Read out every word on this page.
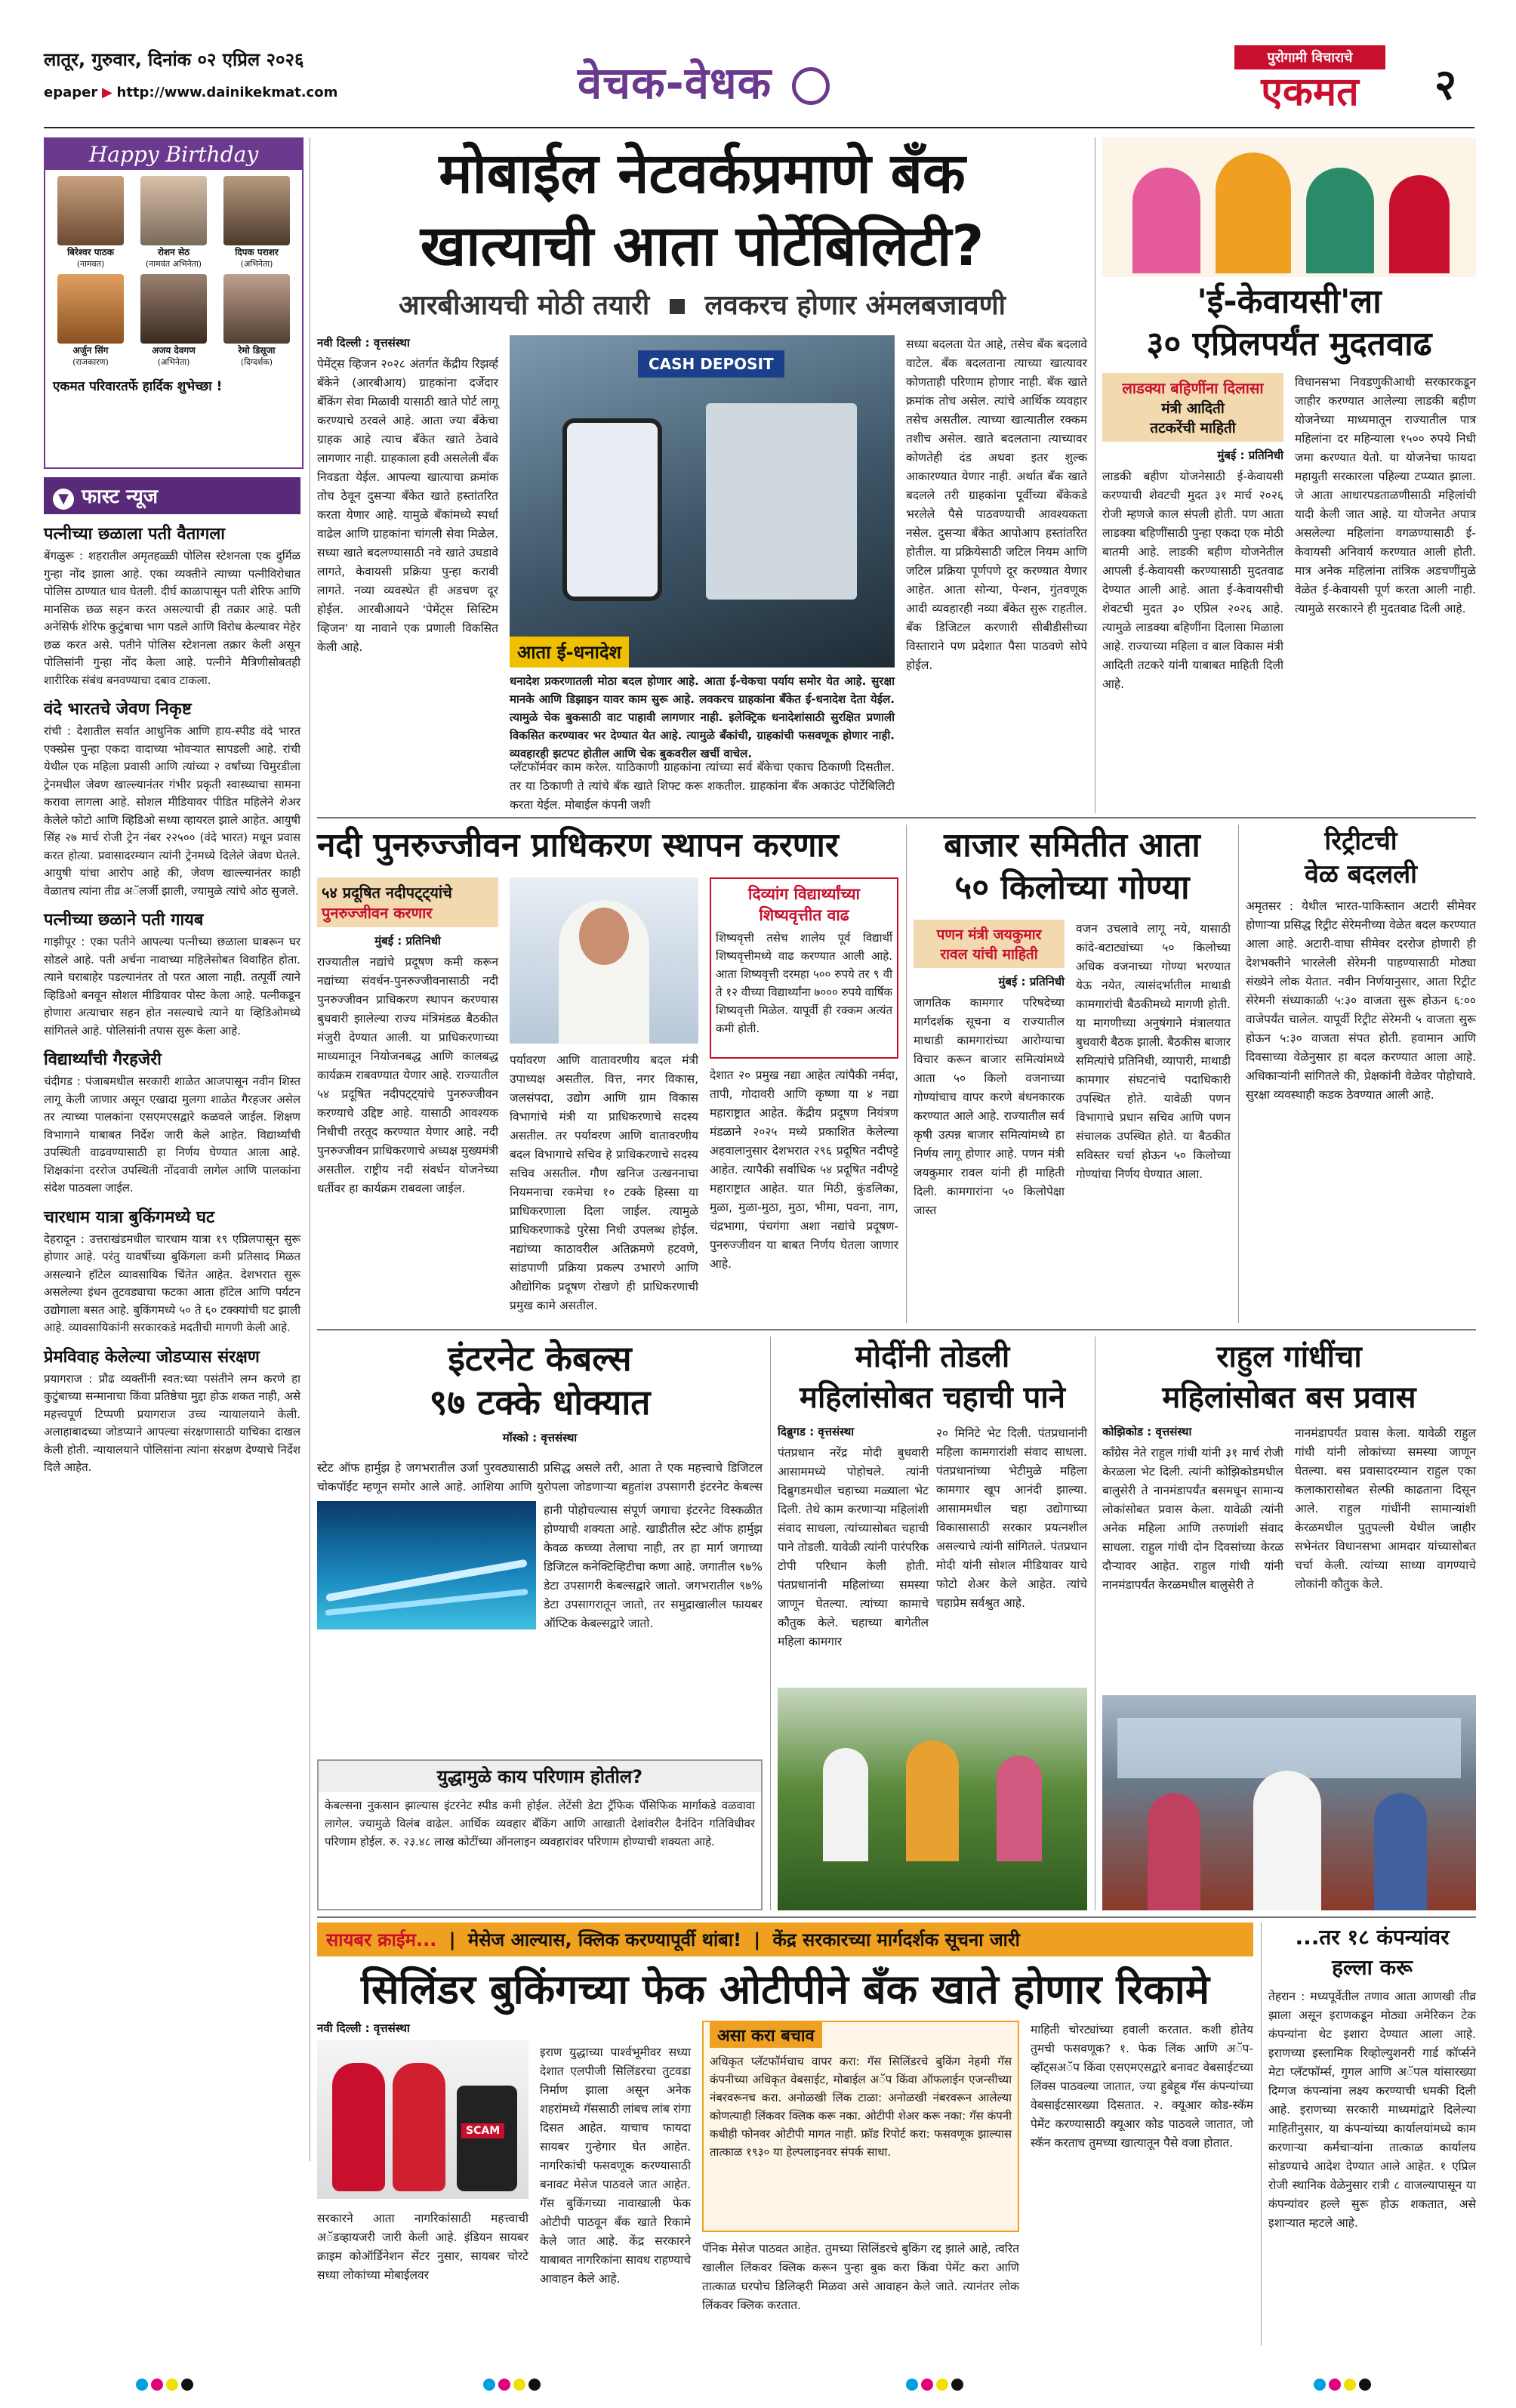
लातूर, गुरुवार, दिनांक ०२ एप्रिल २०२६
epaper ▶ http://www.dainikekmat.com	वेचक-वेधक	पुरोगामी विचाराचे
एकमत	२
Happy Birthday
बिरेश्वर पाठक
(नामवत)
रोशन सेठ
(नामवंत अभिनेता)
दिपक पराशर
(अभिनेता)
अर्जुन सिंग
(राजकारण)
अजय देवगण
(अभिनेता)
रेमो डिसूजा
(दिग्दर्शक)
एकमत परिवारतर्फे हार्दिक शुभेच्छा !
▼ फास्ट न्यूज

पत्नीच्या छळाला पती वैतागला

बेंगळुरू : शहरातील अमृतहळ्ळी पोलिस स्टेशनला एक दुर्मिळ गुन्हा नोंद झाला आहे. एका व्यक्तीने त्याच्या पत्नीविरोधात पोलिस ठाण्यात धाव घेतली. दीर्घ काळापासून पती शेरिफ आणि मानसिक छळ सहन करत असल्याची ही तक्रार आहे. पती अनेसिर्फ शेरिफ कुटुंबाचा भाग पडले आणि विरोध केल्यावर मेहेर छळ करत असे. पतीने पोलिस स्टेशनला तक्रार केली असून पोलिसांनी गुन्हा नोंद केला आहे. पत्नीने मैत्रिणीसोबतही शारीरिक संबंध बनवण्याचा दबाव टाकला.

वंदे भारतचे जेवण निकृष्ट

रांची : देशातील सर्वात आधुनिक आणि हाय-स्पीड वंदे भारत एक्स्प्रेस पुन्हा एकदा वादाच्या भोवऱ्यात सापडली आहे. रांची येथील एक महिला प्रवासी आणि त्यांच्या २ वर्षांच्या चिमुरडीला ट्रेनमधील जेवण खाल्ल्यानंतर गंभीर प्रकृती स्वास्थ्याचा सामना करावा लागला आहे. सोशल मीडियावर पीडित महिलेने शेअर केलेले फोटो आणि व्हिडिओ सध्या व्हायरल झाले आहेत. आयुषी सिंह २७ मार्च रोजी ट्रेन नंबर २२५०० (वंदे भारत) मधून प्रवास करत होत्या. प्रवासादरम्यान त्यांनी ट्रेनमध्ये दिलेले जेवण घेतले. आयुषी यांचा आरोप आहे की, जेवण खाल्ल्यानंतर काही वेळातच त्यांना तीव्र अॅलर्जी झाली, ज्यामुळे त्यांचे ओठ सुजले.

पत्नीच्या छळाने पती गायब

गाझीपूर : एका पतीने आपल्या पत्नीच्या छळाला घाबरून घर सोडले आहे. पती अर्चना नावाच्या महिलेसोबत विवाहित होता. त्याने घराबाहेर पडल्यानंतर तो परत आला नाही. तत्पूर्वी त्याने व्हिडिओ बनवून सोशल मीडियावर पोस्ट केला आहे. पत्नीकडून होणारा अत्याचार सहन होत नसल्याचे त्याने या व्हिडिओमध्ये सांगितले आहे. पोलिसांनी तपास सुरू केला आहे.

विद्यार्थ्यांची गैरहजेरी

चंदीगड : पंजाबमधील सरकारी शाळेत आजपासून नवीन शिस्त लागू केली जाणार असून एखादा मुलगा शाळेत गैरहजर असेल तर त्याच्या पालकांना एसएमएसद्वारे कळवले जाईल. शिक्षण विभागाने याबाबत निर्देश जारी केले आहेत. विद्यार्थ्यांची उपस्थिती वाढवण्यासाठी हा निर्णय घेण्यात आला आहे. शिक्षकांना दररोज उपस्थिती नोंदवावी लागेल आणि पालकांना संदेश पाठवला जाईल.

चारधाम यात्रा बुकिंगमध्ये घट

देहरादून : उत्तराखंडमधील चारधाम यात्रा १९ एप्रिलपासून सुरू होणार आहे. परंतु यावर्षीच्या बुकिंगला कमी प्रतिसाद मिळत असल्याने हॉटेल व्यावसायिक चिंतेत आहेत. देशभरात सुरू असलेल्या इंधन तुटवड्याचा फटका आता हॉटेल आणि पर्यटन उद्योगाला बसत आहे. बुकिंगमध्ये ५० ते ६० टक्क्यांची घट झाली आहे. व्यावसायिकांनी सरकारकडे मदतीची मागणी केली आहे.

प्रेमविवाह केलेल्या जोडप्यास संरक्षण

प्रयागराज : प्रौढ व्यक्तींनी स्वत:च्या पसंतीने लग्न करणे हा कुटुंबाच्या सन्मानाचा किंवा प्रतिष्ठेचा मुद्दा होऊ शकत नाही, असे महत्त्वपूर्ण टिप्पणी प्रयागराज उच्च न्यायालयाने केली. अलाहाबादच्या जोडप्याने आपल्या संरक्षणासाठी याचिका दाखल केली होती. न्यायालयाने पोलिसांना त्यांना संरक्षण देण्याचे निर्देश दिले आहेत.

मोबाईल नेटवर्कप्रमाणे बँक
खात्याची आता पोर्टेबिलिटी?
आरबीआयची मोठी तयारी लवकरच होणार अंमलबजावणी

नवी दिल्ली : वृत्तसंस्था

पेमेंट्स व्हिजन २०२८ अंतर्गत केंद्रीय रिझर्व्ह बँकेने (आरबीआय) ग्राहकांना दर्जेदार बँकिंग सेवा मिळावी यासाठी खाते पोर्ट लागू करण्याचे ठरवले आहे. आता ज्या बँकेचा ग्राहक आहे त्याच बँकेत खाते ठेवावे लागणार नाही. ग्राहकाला हवी असलेली बँक निवडता येईल. आपल्या खात्याचा क्रमांक तोच ठेवून दुसऱ्या बँकेत खाते हस्तांतरित करता येणार आहे. यामुळे बँकांमध्ये स्पर्धा वाढेल आणि ग्राहकांना चांगली सेवा मिळेल. सध्या खाते बदलण्यासाठी नवे खाते उघडावे लागते, केवायसी प्रक्रिया पुन्हा करावी लागते. नव्या व्यवस्थेत ही अडचण दूर होईल. आरबीआयने 'पेमेंट्स सिस्टिम व्हिजन' या नावाने एक प्रणाली विकसित केली आहे.

CASH DEPOSIT
आता ई-धनादेश

धनादेश प्रकरणातली मोठा बदल होणार आहे. आता ई-चेकचा पर्याय समोर येत आहे. सुरक्षा मानके आणि डिझाइन यावर काम सुरू आहे. लवकरच ग्राहकांना बँकेत ई-धनादेश देता येईल. त्यामुळे चेक बुकसाठी वाट पाहावी लागणार नाही. इलेक्ट्रिक धनादेशांसाठी सुरक्षित प्रणाली विकसित करण्यावर भर देण्यात येत आहे. त्यामुळे बँकांची, ग्राहकांची फसवणूक होणार नाही. व्यवहारही झटपट होतील आणि चेक बुकवरील खर्ची वाचेल.

प्लॅटफॉर्मवर काम करेल. याठिकाणी ग्राहकांना त्यांच्या सर्व बँकेचा एकाच ठिकाणी दिसतील. तर या ठिकाणी ते त्यांचे बँक खाते शिफ्ट करू शकतील. ग्राहकांना बँक अकाउंट पोर्टेबिलिटी करता येईल. मोबाईल कंपनी जशी

सध्या बदलता येत आहे, तसेच बँक बदलावे वाटेल. बँक बदलताना त्याच्या खात्यावर कोणताही परिणाम होणार नाही. बँक खाते क्रमांक तोच असेल. त्यांचे आर्थिक व्यवहार तसेच असतील. त्याच्या खात्यातील रक्कम तशीच असेल. खाते बदलताना त्याच्यावर कोणतेही दंड अथवा इतर शुल्क आकारण्यात येणार नाही. अर्थात बँक खाते बदलले तरी ग्राहकांना पूर्वीच्या बँकेकडे भरलेले पैसे पाठवण्याची आवश्यकता नसेल. दुसऱ्या बँकेत आपोआप हस्तांतरित होतील. या प्रक्रियेसाठी जटिल नियम आणि जटिल प्रक्रिया पूर्णपणे दूर करण्यात येणार आहेत. आता सोन्या, पेन्शन, गुंतवणूक आदी व्यवहारही नव्या बँकेत सुरू राहतील. बँक डिजिटल करणारी सीबीडीसीच्या विस्ताराने पण प्रदेशात पैसा पाठवणे सोपे होईल.

'ई-केवायसी'ला
३० एप्रिलपर्यंत मुदतवाढ
लाडक्या बहिणींना दिलासा
मंत्री आदिती
तटकरेंची माहिती

मुंबई : प्रतिनिधी

लाडकी बहीण योजनेसाठी ई-केवायसी करण्याची शेवटची मुदत ३१ मार्च २०२६ रोजी म्हणजे काल संपली होती. पण आता लाडक्या बहिणींसाठी पुन्हा एकदा एक मोठी बातमी आहे. लाडकी बहीण योजनेतील आपली ई-केवायसी करण्यासाठी मुदतवाढ देण्यात आली आहे. आता ई-केवायसीची शेवटची मुदत ३० एप्रिल २०२६ आहे. त्यामुळे लाडक्या बहिणींना दिलासा मिळाला आहे. राज्याच्या महिला व बाल विकास मंत्री आदिती तटकरे यांनी याबाबत माहिती दिली आहे.

विधानसभा निवडणुकीआधी सरकारकडून जाहीर करण्यात आलेल्या लाडकी बहीण योजनेच्या माध्यमातून राज्यातील पात्र महिलांना दर महिन्याला १५०० रुपये निधी जमा करण्यात येतो. या योजनेचा फायदा महायुती सरकारला पहिल्या टप्प्यात झाला. जे आता आधारपडताळणीसाठी महिलांची यादी केली जात आहे. या योजनेत अपात्र असलेल्या महिलांना वगळण्यासाठी ई-केवायसी अनिवार्य करण्यात आली होती. मात्र अनेक महिलांना तांत्रिक अडचणींमुळे वेळेत ई-केवायसी पूर्ण करता आली नाही. त्यामुळे सरकारने ही मुदतवाढ दिली आहे.

नदी पुनरुज्जीवन प्राधिकरण स्थापन करणार
५४ प्रदूषित नदीपट्ट्यांचे
पुनरुज्जीवन करणार

मुंबई : प्रतिनिधी

राज्यातील नद्यांचे प्रदूषण कमी करून नद्यांच्या संवर्धन-पुनरुज्जीवनासाठी नदी पुनरुज्जीवन प्राधिकरण स्थापन करण्यास बुधवारी झालेल्या राज्य मंत्रिमंडळ बैठकीत मंजुरी देण्यात आली. या प्राधिकरणाच्या माध्यमातून नियोजनबद्ध आणि कालबद्ध कार्यक्रम राबवण्यात येणार आहे. राज्यातील ५४ प्रदूषित नदीपट्ट्यांचे पुनरुज्जीवन करण्याचे उद्दिष्ट आहे. यासाठी आवश्यक निधीची तरतूद करण्यात येणार आहे. नदी पुनरुज्जीवन प्राधिकरणाचे अध्यक्ष मुख्यमंत्री असतील. राष्ट्रीय नदी संवर्धन योजनेच्या धर्तीवर हा कार्यक्रम राबवला जाईल.

पर्यावरण आणि वातावरणीय बदल मंत्री उपाध्यक्ष असतील. वित्त, नगर विकास, जलसंपदा, उद्योग आणि ग्राम विकास विभागांचे मंत्री या प्राधिकरणाचे सदस्य असतील. तर पर्यावरण आणि वातावरणीय बदल विभागाचे सचिव हे प्राधिकरणाचे सदस्य सचिव असतील. गौण खनिज उत्खननाचा नियमनाचा रकमेचा १० टक्के हिस्सा या प्राधिकरणाला दिला जाईल. त्यामुळे प्राधिकरणाकडे पुरेसा निधी उपलब्ध होईल. नद्यांच्या काठावरील अतिक्रमणे हटवणे, सांडपाणी प्रक्रिया प्रकल्प उभारणे आणि औद्योगिक प्रदूषण रोखणे ही प्राधिकरणाची प्रमुख कामे असतील.

दिव्यांग विद्यार्थ्यांच्या
शिष्यवृत्तीत वाढ

शिष्यवृत्ती तसेच शालेय पूर्व विद्यार्थी शिष्यवृत्तीमध्ये वाढ करण्यात आली आहे. आता शिष्यवृत्ती दरमहा ५०० रुपये तर ९ वी ते १२ वीच्या विद्यार्थ्यांना ७००० रुपये वार्षिक शिष्यवृत्ती मिळेल. यापूर्वी ही रक्कम अत्यंत कमी होती.

देशात २० प्रमुख नद्या आहेत त्यांपैकी नर्मदा, तापी, गोदावरी आणि कृष्णा या ४ नद्या महाराष्ट्रात आहेत. केंद्रीय प्रदूषण नियंत्रण मंडळाने २०२५ मध्ये प्रकाशित केलेल्या अहवालानुसार देशभरात २९६ प्रदूषित नदीपट्टे आहेत. त्यापैकी सर्वाधिक ५४ प्रदूषित नदीपट्टे महाराष्ट्रात आहेत. यात मिठी, कुंडलिका, मुळा, मुळा-मुठा, मुठा, भीमा, पवना, नाग, चंद्रभागा, पंचगंगा अशा नद्यांचे प्रदूषण-पुनरुज्जीवन या बाबत निर्णय घेतला जाणार आहे.

बाजार समितीत आता
५० किलोच्या गोण्या
पणन मंत्री जयकुमार
रावल यांची माहिती

मुंबई : प्रतिनिधी

जागतिक कामगार परिषदेच्या मार्गदर्शक सूचना व राज्यातील माथाडी कामगारांच्या आरोग्याचा विचार करून बाजार समित्यांमध्ये आता ५० किलो वजनाच्या गोण्यांचाच वापर करणे बंधनकारक करण्यात आले आहे. राज्यातील सर्व कृषी उत्पन्न बाजार समित्यांमध्ये हा निर्णय लागू होणार आहे. पणन मंत्री जयकुमार रावल यांनी ही माहिती दिली. कामगारांना ५० किलोपेक्षा जास्त

वजन उचलावे लागू नये, यासाठी कांदे-बटाट्यांच्या ५० किलोच्या अधिक वजनाच्या गोण्या भरण्यात येऊ नयेत, त्यासंदर्भातील माथाडी कामगारांची बैठकीमध्ये मागणी होती. या मागणीच्या अनुषंगाने मंत्रालयात बुधवारी बैठक झाली. बैठकीस बाजार समित्यांचे प्रतिनिधी, व्यापारी, माथाडी कामगार संघटनांचे पदाधिकारी उपस्थित होते. यावेळी पणन विभागाचे प्रधान सचिव आणि पणन संचालक उपस्थित होते. या बैठकीत सविस्तर चर्चा होऊन ५० किलोच्या गोण्यांचा निर्णय घेण्यात आला.

रिट्रीटची
वेळ बदलली

अमृतसर : येथील भारत-पाकिस्तान अटारी सीमेवर होणाऱ्या प्रसिद्ध रिट्रीट सेरेमनीच्या वेळेत बदल करण्यात आला आहे. अटारी-वाघा सीमेवर दररोज होणारी ही देशभक्तीने भारलेली सेरेमनी पाहण्यासाठी मोठ्या संख्येने लोक येतात. नवीन निर्णयानुसार, आता रिट्रीट सेरेमनी संध्याकाळी ५:३० वाजता सुरू होऊन ६:०० वाजेपर्यंत चालेल. यापूर्वी रिट्रीट सेरेमनी ५ वाजता सुरू होऊन ५:३० वाजता संपत होती. हवामान आणि दिवसाच्या वेळेनुसार हा बदल करण्यात आला आहे. अधिकाऱ्यांनी सांगितले की, प्रेक्षकांनी वेळेवर पोहोचावे. सुरक्षा व्यवस्थाही कडक ठेवण्यात आली आहे.

इंटरनेट केबल्स
९७ टक्के धोक्यात

मॉस्को : वृत्तसंस्था

स्टेट ऑफ हार्मुझ हे जगभरातील उर्जा पुरवठ्यासाठी प्रसिद्ध असले तरी, आता ते एक महत्त्वाचे डिजिटल चोकपॉईंट म्हणून समोर आले आहे. आशिया आणि युरोपला जोडणाऱ्या बहुतांश उपसागरी इंटरनेट केबल्स

हानी पोहोचल्यास संपूर्ण जगाचा इंटरनेट विस्कळीत होण्याची शक्यता आहे. खाडीतील स्टेट ऑफ हार्मुझ केवळ कच्च्या तेलाचा नाही, तर हा मार्ग जगाच्या डिजिटल कनेक्टिव्हिटीचा कणा आहे. जगातील ९७% डेटा उपसागरी केबल्सद्वारे जातो. जगभरातील ९७% डेटा उपसागरातून जातो, तर समुद्राखालील फायबर ऑप्टिक केबल्सद्वारे जातो.

युद्धामुळे काय परिणाम होतील?

केबल्सना नुकसान झाल्यास इंटरनेट स्पीड कमी होईल. लेटेंसी डेटा ट्रॅफिक पॅसिफिक मार्गाकडे वळवावा लागेल. ज्यामुळे विलंब वाढेल. आर्थिक व्यवहार बँकिंग आणि आखाती देशांवरील दैनंदिन गतिविधीवर परिणाम होईल. रु. २३.४८ लाख कोटींच्या ऑनलाइन व्यवहारांवर परिणाम होण्याची शक्यता आहे.

मोदींनी तोडली
महिलांसोबत चहाची पाने

दिब्रुगड : वृत्तसंस्था

पंतप्रधान नरेंद्र मोदी बुधवारी आसाममध्ये पोहोचले. त्यांनी दिब्रुगडमधील चहाच्या मळ्याला भेट दिली. तेथे काम करणाऱ्या महिलांशी संवाद साधला, त्यांच्यासोबत चहाची पाने तोडली. यावेळी त्यांनी पारंपरिक टोपी परिधान केली होती. पंतप्रधानांनी महिलांच्या समस्या जाणून घेतल्या. त्यांच्या कामाचे कौतुक केले. चहाच्या बागेतील महिला कामगार

२० मिनिटे भेट दिली. पंतप्रधानांनी महिला कामगारांशी संवाद साधला. पंतप्रधानांच्या भेटीमुळे महिला कामगार खूप आनंदी झाल्या. आसाममधील चहा उद्योगाच्या विकासासाठी सरकार प्रयत्नशील असल्याचे त्यांनी सांगितले. पंतप्रधान मोदी यांनी सोशल मीडियावर याचे फोटो शेअर केले आहेत. त्यांचे चहाप्रेम सर्वश्रुत आहे.

राहुल गांधींचा
महिलांसोबत बस प्रवास

कोझिकोड : वृत्तसंस्था

काँग्रेस नेते राहुल गांधी यांनी ३१ मार्च रोजी केरळला भेट दिली. त्यांनी कोझिकोडमधील बालुसेरी ते नानमंडापर्यंत बसमधून सामान्य लोकांसोबत प्रवास केला. यावेळी त्यांनी अनेक महिला आणि तरुणांशी संवाद साधला. राहुल गांधी दोन दिवसांच्या केरळ दौऱ्यावर आहेत. राहुल गांधी यांनी नानमंडापर्यंत केरळमधील बालुसेरी ते

नानमंडापर्यंत प्रवास केला. यावेळी राहुल गांधी यांनी लोकांच्या समस्या जाणून घेतल्या. बस प्रवासादरम्यान राहुल एका कलाकारासोबत सेल्फी काढताना दिसून आले. राहुल गांधींनी सामान्यांशी केरळमधील पुतुपल्ली येथील जाहीर सभेनंतर विधानसभा आमदार यांच्यासोबत चर्चा केली. त्यांच्या साध्या वागण्याचे लोकांनी कौतुक केले.

सायबर क्राईम... | मेसेज आल्यास, क्लिक करण्यापूर्वी थांबा! | केंद्र सरकारच्या मार्गदर्शक सूचना जारी
सिलिंडर बुकिंगच्या फेक ओटीपीने बँक खाते होणार रिकामे

नवी दिल्ली : वृत्तसंस्था

SCAM

इराण युद्धाच्या पार्श्वभूमीवर सध्या देशात एलपीजी सिलिंडरचा तुटवडा निर्माण झाला असून अनेक शहरांमध्ये गॅससाठी लांबच लांब रांगा दिसत आहेत. याचाच फायदा सायबर गुन्हेगार घेत आहेत. नागरिकांची फसवणूक करण्यासाठी बनावट मेसेज पाठवले जात आहेत. गॅस बुकिंगच्या नावाखाली फेक ओटीपी पाठवून बँक खाते रिकामे केले जात आहे. केंद्र सरकारने याबाबत नागरिकांना सावध राहण्याचे आवाहन केले आहे.

सरकारने आता नागरिकांसाठी महत्त्वाची अॅडव्हायजरी जारी केली आहे. इंडियन सायबर क्राइम कोऑर्डिनेशन सेंटर नुसार, सायबर चोरटे सध्या लोकांच्या मोबाईलवर

असा करा बचाव

अधिकृत प्लॅटफॉर्मचाच वापर करा: गॅस सिलिंडरचे बुकिंग नेहमी गॅस कंपनीच्या अधिकृत वेबसाईट, मोबाईल अॅप किंवा ऑफलाईन एजन्सीच्या नंबरवरूनच करा. अनोळखी लिंक टाळा: अनोळखी नंबरवरून आलेल्या कोणत्याही लिंकवर क्लिक करू नका. ओटीपी शेअर करू नका: गॅस कंपनी कधीही फोनवर ओटीपी मागत नाही. फ्रॉड रिपोर्ट करा: फसवणूक झाल्यास तात्काळ १९३० या हेल्पलाइनवर संपर्क साधा.

पॅनिक मेसेज पाठवत आहेत. तुमच्या सिलिंडरचे बुकिंग रद्द झाले आहे, त्वरित खालील लिंकवर क्लिक करून पुन्हा बुक करा किंवा पेमेंट करा आणि तात्काळ घरपोच डिलिव्हरी मिळवा असे आवाहन केले जाते. त्यानंतर लोक लिंकवर क्लिक करतात.

माहिती चोरट्यांच्या हवाली करतात. कशी होतेय तुमची फसवणूक? १. फेक लिंक आणि अॅप-व्हॉट्सअॅप किंवा एसएमएसद्वारे बनावट वेबसाईटच्या लिंक्स पाठवल्या जातात, ज्या हुबेहूब गॅस कंपन्यांच्या वेबसाईटसारख्या दिसतात. २. क्यूआर कोड-स्कॅम पेमेंट करण्यासाठी क्यूआर कोड पाठवले जातात, जो स्कॅन करताच तुमच्या खात्यातून पैसे वजा होतात.

...तर १८ कंपन्यांवर
हल्ला करू

तेहरान : मध्यपूर्वेतील तणाव आता आणखी तीव्र झाला असून इराणकडून मोठ्या अमेरिकन टेक कंपन्यांना थेट इशारा देण्यात आला आहे. इराणच्या इस्लामिक रिव्होल्युशनरी गार्ड कॉर्प्सने मेटा प्लॅटफॉर्म्स, गुगल आणि अॅपल यांसारख्या दिग्गज कंपन्यांना लक्ष्य करण्याची धमकी दिली आहे. इराणच्या सरकारी माध्यमांद्वारे दिलेल्या माहितीनुसार, या कंपन्यांच्या कार्यालयांमध्ये काम करणाऱ्या कर्मचाऱ्यांना तात्काळ कार्यालय सोडण्याचे आदेश देण्यात आले आहेत. १ एप्रिल रोजी स्थानिक वेळेनुसार रात्री ८ वाजल्यापासून या कंपन्यांवर हल्ले सुरू होऊ शकतात, असे इशाऱ्यात म्हटले आहे.
